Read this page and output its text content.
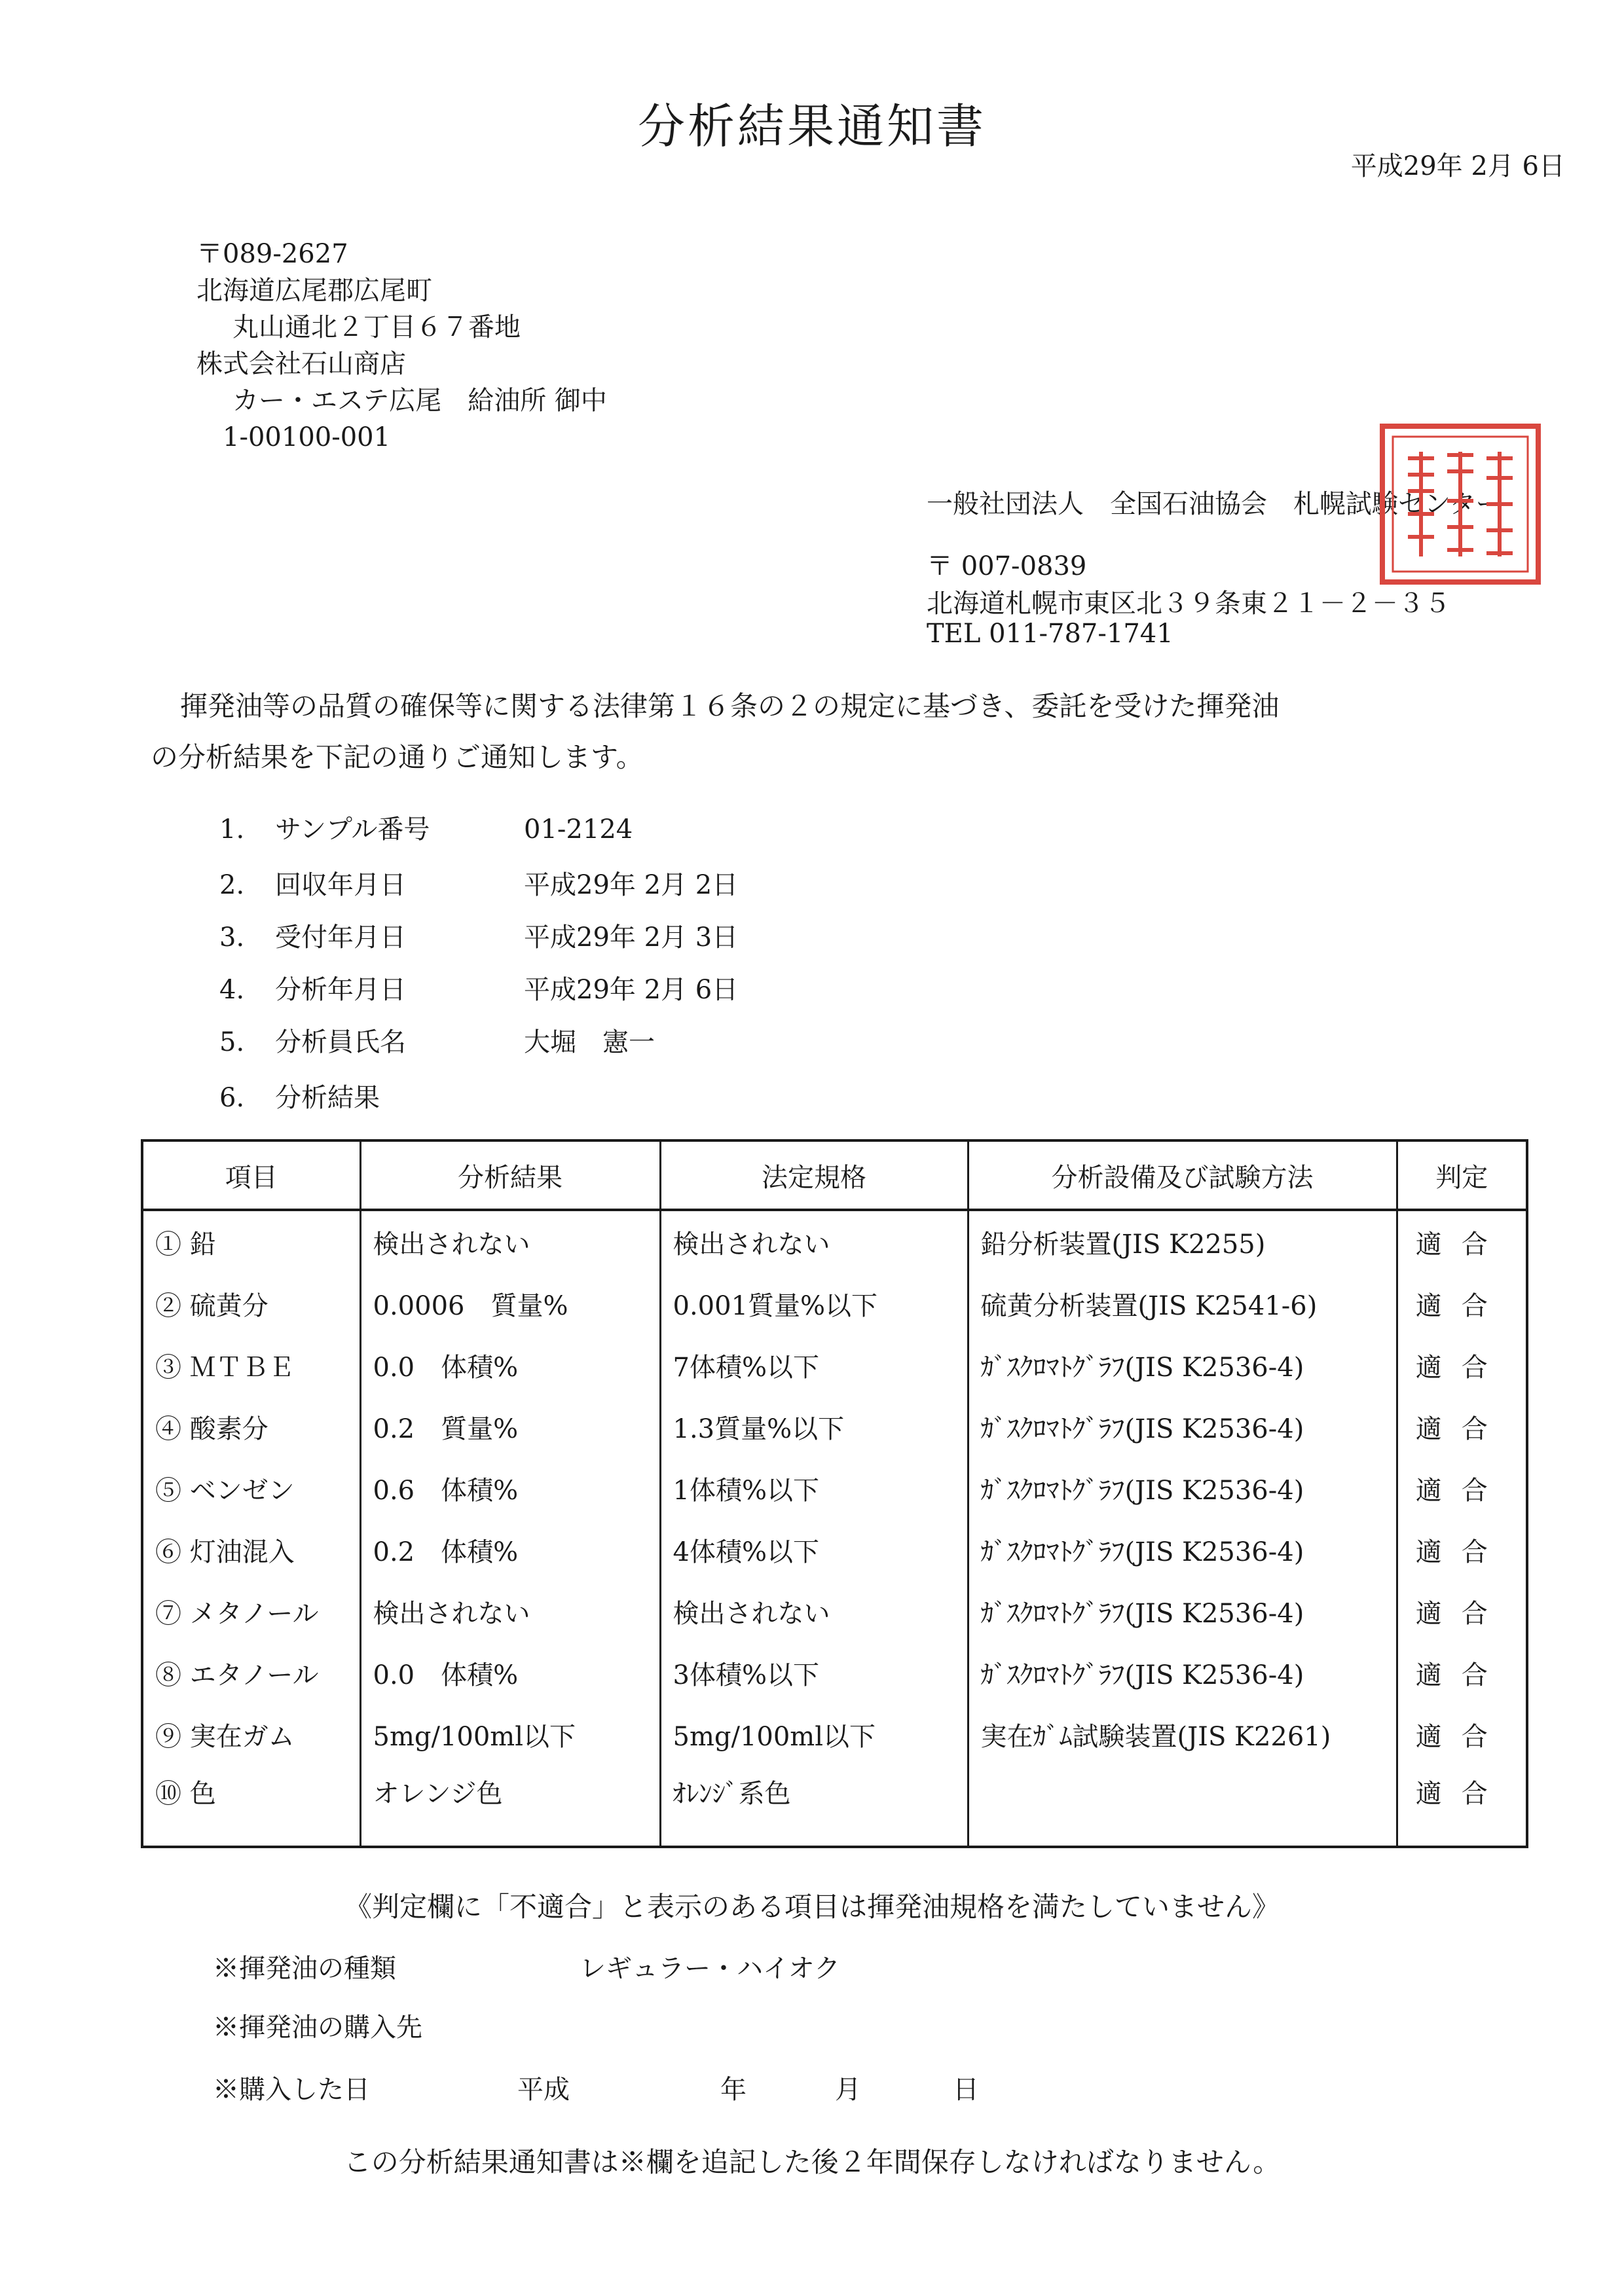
分析結果通知書
平成29年 2月 6日
〒089-2627
北海道広尾郡広尾町
丸山通北２丁目６７番地
株式会社石山商店
カー・エステ広尾　給油所 御中
1-00100-001
一般社団法人　全国石油協会　札幌試験センター
〒 007-0839
北海道札幌市東区北３９条東２１－２－３５
TEL 011-787-1741
揮発油等の品質の確保等に関する法律第１６条の２の規定に基づき、委託を受けた揮発油
の分析結果を下記の通りご通知します。
1. サンプル番号	01-2124
2. 回収年月日	平成29年 2月 2日
3. 受付年月日	平成29年 2月 3日
4. 分析年月日	平成29年 2月 6日
5. 分析員氏名	大堀　憲一
6. 分析結果
項目	分析結果	法定規格	分析設備及び試験方法	判定
① 鉛	検出されない	検出されない	鉛分析装置(JIS K2255)	適合
② 硫黄分	0.0006　質量%	0.001質量%以下	硫黄分析装置(JIS K2541-6)	適合
③ ＭＴＢＥ	0.0　体積%	7体積%以下	ｶﾞｽｸﾛﾏﾄｸﾞﾗﾌ(JIS K2536-4)	適合
④ 酸素分	0.2　質量%	1.3質量%以下	ｶﾞｽｸﾛﾏﾄｸﾞﾗﾌ(JIS K2536-4)	適合
⑤ ベンゼン	0.6　体積%	1体積%以下	ｶﾞｽｸﾛﾏﾄｸﾞﾗﾌ(JIS K2536-4)	適合
⑥ 灯油混入	0.2　体積%	4体積%以下	ｶﾞｽｸﾛﾏﾄｸﾞﾗﾌ(JIS K2536-4)	適合
⑦ メタノール	検出されない	検出されない	ｶﾞｽｸﾛﾏﾄｸﾞﾗﾌ(JIS K2536-4)	適合
⑧ エタノール	0.0　体積%	3体積%以下	ｶﾞｽｸﾛﾏﾄｸﾞﾗﾌ(JIS K2536-4)	適合
⑨ 実在ガム	5mg/100ml以下	5mg/100ml以下	実在ｶﾞﾑ試験装置(JIS K2261)	適合
⑩ 色	オレンジ色	ｵﾚﾝｼﾞ系色		適合
《判定欄に「不適合」と表示のある項目は揮発油規格を満たしていません》
※揮発油の種類	レギュラー・ハイオク
※揮発油の購入先
※購入した日	平成	年	月	日
この分析結果通知書は※欄を追記した後２年間保存しなければなりません。
